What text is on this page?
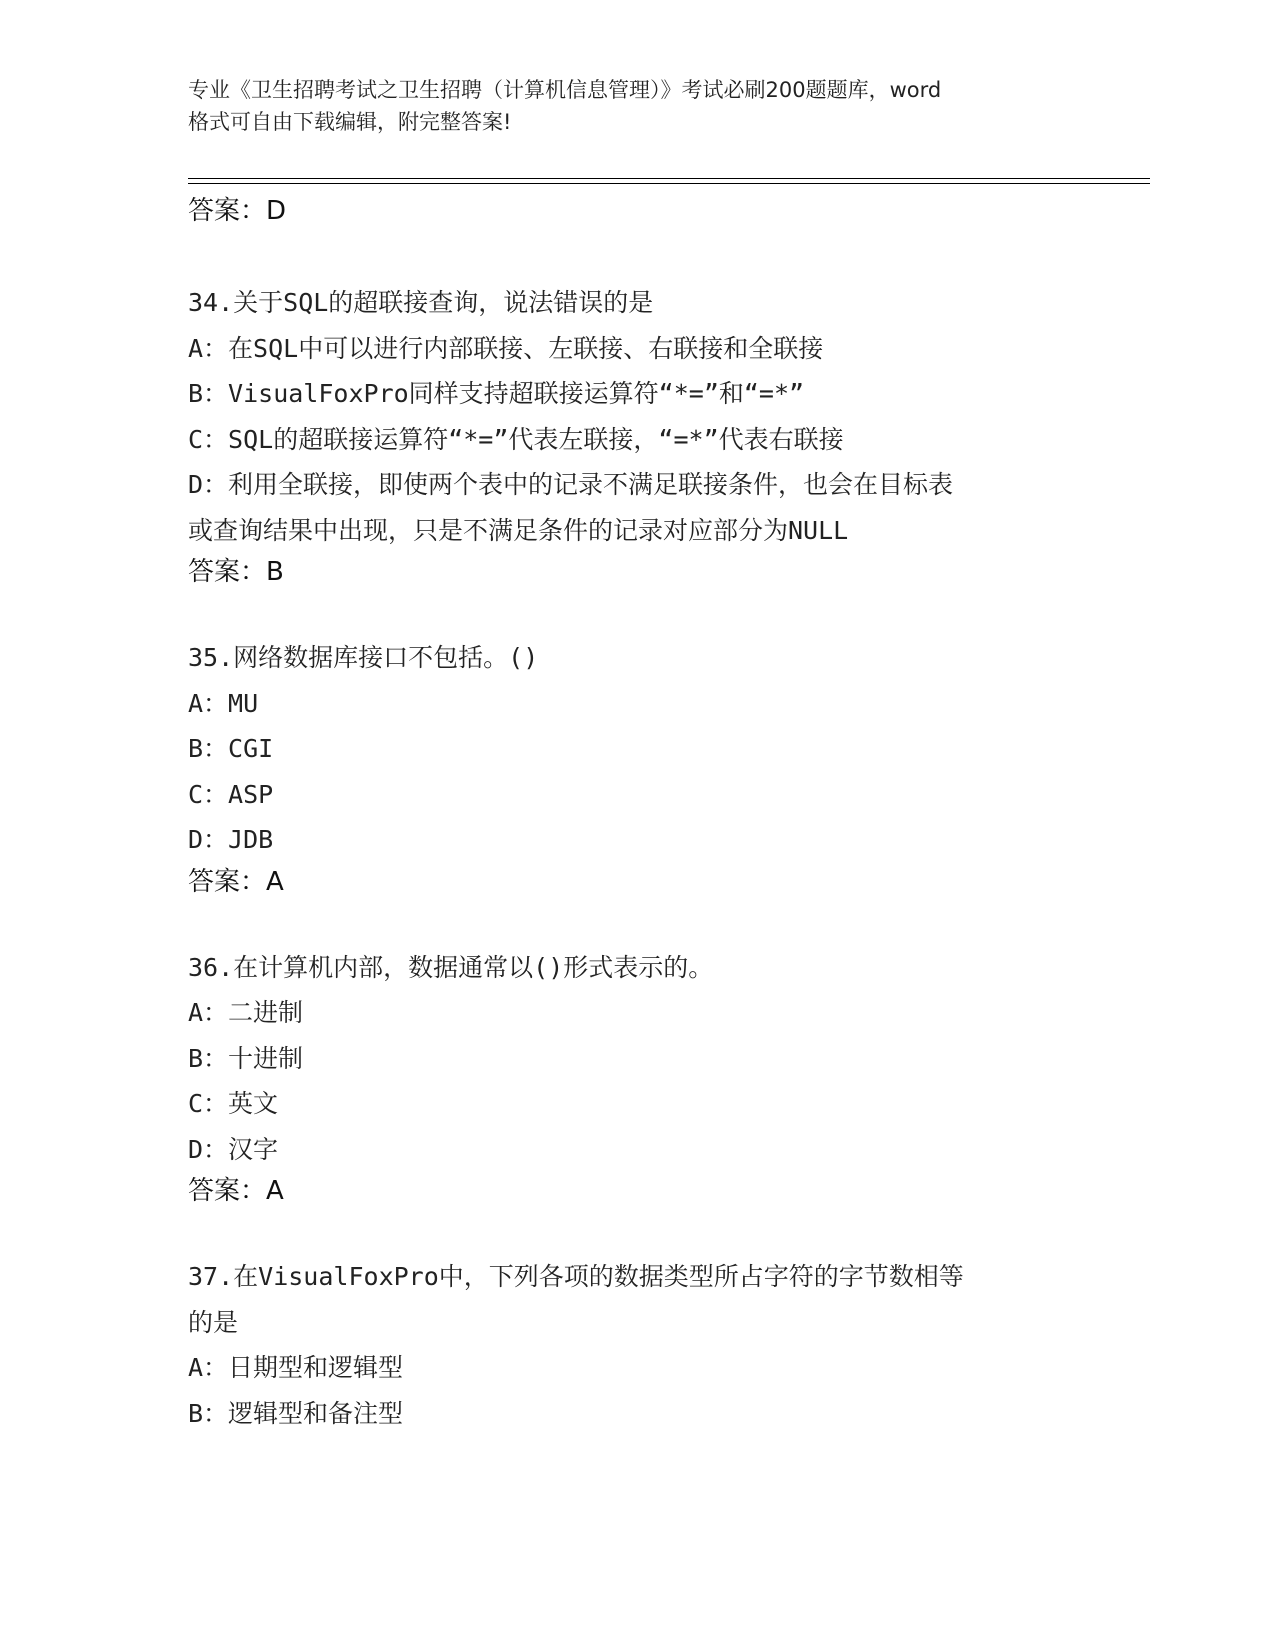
专业《卫生招聘考试之卫生招聘（计算机信息管理）》考试必刷200题题库，word
格式可自由下载编辑，附完整答案!
答案：D
34.关于SQL的超联接查询，说法错误的是
A：在SQL中可以进行内部联接、左联接、右联接和全联接
B：VisualFoxPro同样支持超联接运算符“*=”和“=*”
C：SQL的超联接运算符“*=”代表左联接，“=*”代表右联接
D：利用全联接，即使两个表中的记录不满足联接条件，也会在目标表
或查询结果中出现，只是不满足条件的记录对应部分为NULL
答案：B
35.网络数据库接口不包括。()
A：MU
B：CGI
C：ASP
D：JDB
答案：A
36.在计算机内部，数据通常以()形式表示的。
A：二进制
B：十进制
C：英文
D：汉字
答案：A
37.在VisualFoxPro中，下列各项的数据类型所占字符的字节数相等
的是
A：日期型和逻辑型
B：逻辑型和备注型
